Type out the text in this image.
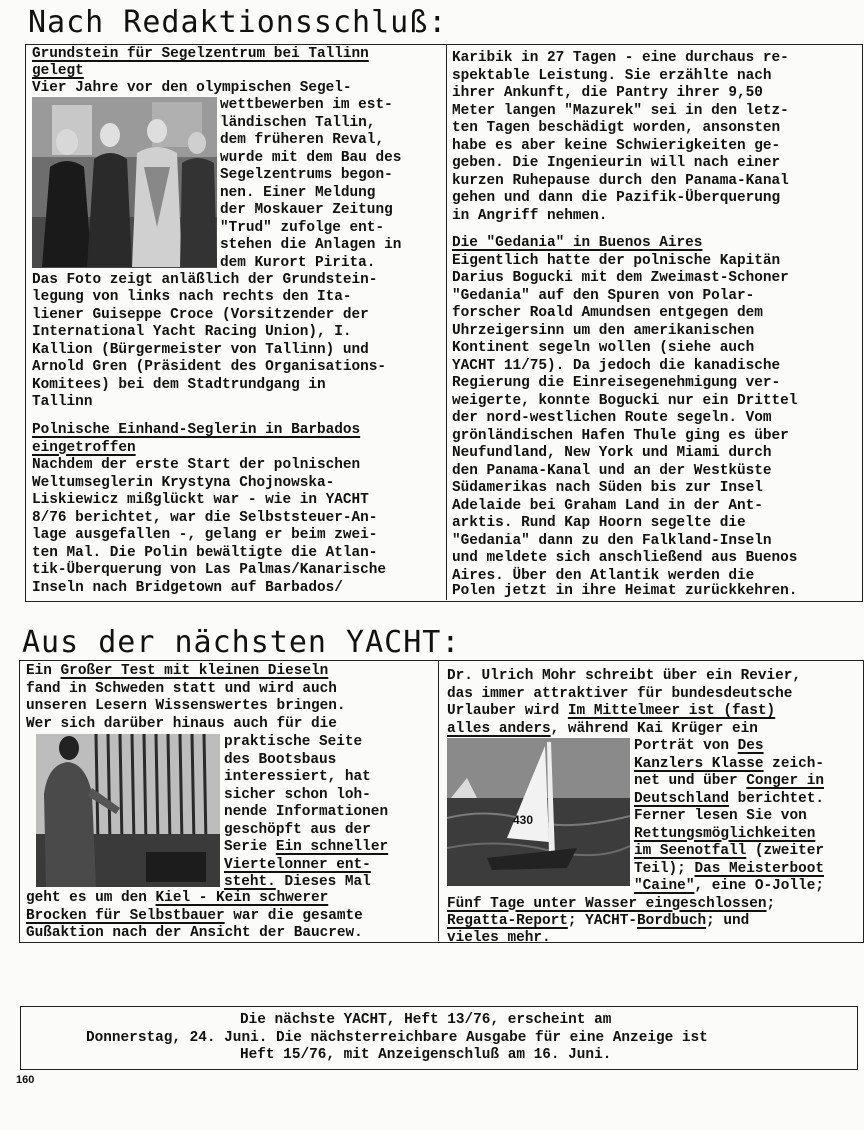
Nach Redaktionsschluß:
Grundstein für Segelzentrum bei Tallinn
gelegt
Vier Jahre vor den olympischen Segel-
wettbewerben im est-
ländischen Tallin,
dem früheren Reval,
wurde mit dem Bau des
Segelzentrums begon-
nen. Einer Meldung
der Moskauer Zeitung
"Trud" zufolge ent-
stehen die Anlagen in
dem Kurort Pirita.
Das Foto zeigt anläßlich der Grundstein-
legung von links nach rechts den Ita-
liener Guiseppe Croce (Vorsitzender der
International Yacht Racing Union), I.
Kallion (Bürgermeister von Tallinn) und
Arnold Gren (Präsident des Organisations-
Komitees) bei dem Stadtrundgang in
Tallinn
Polnische Einhand-Seglerin in Barbados
eingetroffen
Nachdem der erste Start der polnischen
Weltumseglerin Krystyna Chojnowska-
Liskiewicz mißglückt war - wie in YACHT
8/76 berichtet, war die Selbststeuer-An-
lage ausgefallen -, gelang er beim zwei-
ten Mal. Die Polin bewältigte die Atlan-
tik-Überquerung von Las Palmas/Kanarische
Inseln nach Bridgetown auf Barbados/
Karibik in 27 Tagen - eine durchaus re-
spektable Leistung. Sie erzählte nach
ihrer Ankunft, die Pantry ihrer 9,50
Meter langen "Mazurek" sei in den letz-
ten Tagen beschädigt worden, ansonsten
habe es aber keine Schwierigkeiten ge-
geben. Die Ingenieurin will nach einer
kurzen Ruhepause durch den Panama-Kanal
gehen und dann die Pazifik-Überquerung
in Angriff nehmen.
Die "Gedania" in Buenos Aires
Eigentlich hatte der polnische Kapitän
Darius Bogucki mit dem Zweimast-Schoner
"Gedania" auf den Spuren von Polar-
forscher Roald Amundsen entgegen dem
Uhrzeigersinn um den amerikanischen
Kontinent segeln wollen (siehe auch
YACHT 11/75). Da jedoch die kanadische
Regierung die Einreisegenehmigung ver-
weigerte, konnte Bogucki nur ein Drittel
der nord-westlichen Route segeln. Vom
grönländischen Hafen Thule ging es über
Neufundland, New York und Miami durch
den Panama-Kanal und an der Westküste
Südamerikas nach Süden bis zur Insel
Adelaide bei Graham Land in der Ant-
arktis. Rund Kap Hoorn segelte die
"Gedania" dann zu den Falkland-Inseln
und meldete sich anschließend aus Buenos
Aires. Über den Atlantik werden die
Polen jetzt in ihre Heimat zurückkehren.
Aus der nächsten YACHT:
Ein Großer Test mit kleinen Dieseln
fand in Schweden statt und wird auch
unseren Lesern Wissenswertes bringen.
Wer sich darüber hinaus auch für die
praktische Seite
des Bootsbaus
interessiert, hat
sicher schon loh-
nende Informationen
geschöpft aus der
Serie Ein schneller
Viertelonner ent-
steht. Dieses Mal
geht es um den Kiel - Kein schwerer
Brocken für Selbstbauer war die gesamte
Gußaktion nach der Ansicht der Baucrew.
Dr. Ulrich Mohr schreibt über ein Revier,
das immer attraktiver für bundesdeutsche
Urlauber wird Im Mittelmeer ist (fast)
alles anders, während Kai Krüger ein
430
Porträt von Des
Kanzlers Klasse zeich-
net und über Conger in
Deutschland berichtet.
Ferner lesen Sie von
Rettungsmöglichkeiten
im Seenotfall (zweiter
Teil); Das Meisterboot
"Caine", eine O-Jolle;
Fünf Tage unter Wasser eingeschlossen;
Regatta-Report; YACHT-Bordbuch; und
vieles mehr.
Die nächste YACHT, Heft 13/76, erscheint am
Donnerstag, 24. Juni. Die nächsterreichbare Ausgabe für eine Anzeige ist
Heft 15/76, mit Anzeigenschluß am 16. Juni.
160
